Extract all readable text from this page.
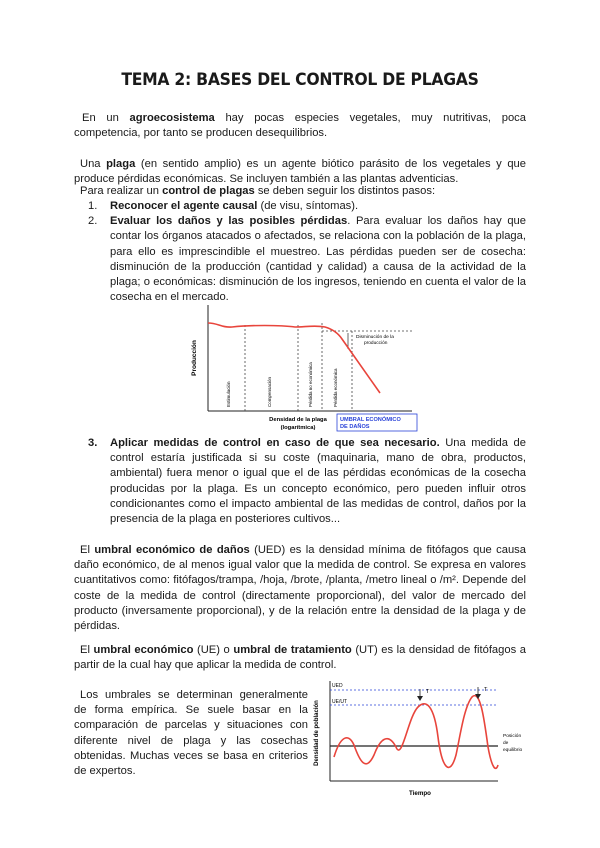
TEMA 2: BASES DEL CONTROL DE PLAGAS

En un agroecosistema hay pocas especies vegetales, muy nutritivas, poca competencia, por tanto se producen desequilibrios.

Una plaga (en sentido amplio) es un agente biótico parásito de los vegetales y que produce pérdidas económicas. Se incluyen también a las plantas adventicias.

Para realizar un control de plagas se deben seguir los distintos pasos:

1. Reconocer el agente causal (de visu, síntomas).
2. Evaluar los daños y las posibles pérdidas. Para evaluar los daños hay que contar los órganos atacados o afectados, se relaciona con la población de la plaga, para ello es imprescindible el muestreo. Las pérdidas pueden ser de cosecha: disminución de la producción (cantidad y calidad) a causa de la actividad de la plaga; o económicas: disminución de los ingresos, teniendo en cuenta el valor de la cosecha en el mercado.
Producción
Estimulación	Compensación	Pérdida no económica	Pérdida económica
Disminución de la
producción
Densidad de la plaga
(logarítmica)
UMBRAL ECONÓMICO
DE DAÑOS
3. Aplicar medidas de control en caso de que sea necesario. Una medida de control estaría justificada si su coste (maquinaria, mano de obra, productos, ambiental) fuera menor o igual que el de las pérdidas económicas de la cosecha producidas por la plaga. Es un concepto económico, pero pueden influir otros condicionantes como el impacto ambiental de las medidas de control, daños por la presencia de la plaga en posteriores cultivos...

El umbral económico de daños (UED) es la densidad mínima de fitófagos que causa daño económico, de al menos igual valor que la medida de control. Se expresa en valores cuantitativos como: fitófagos/trampa, /hoja, /brote, /planta, /metro lineal o /m². Depende del coste de la medida de control (directamente proporcional), del valor de mercado del producto (inversamente proporcional), y de la relación entre la densidad de la plaga y de pérdidas.

El umbral económico (UE) o umbral de tratamiento (UT) es la densidad de fitófagos a partir de la cual hay que aplicar la medida de control.

Los umbrales se determinan generalmente de forma empírica. Se suele basar en la comparación de parcelas y situaciones con diferente nivel de plaga y las cosechas obtenidas. Muchas veces se basa en criterios de expertos.

T	T
UED
UE/UT
Posición
de
equilibrio
Densidad de población
Tiempo
